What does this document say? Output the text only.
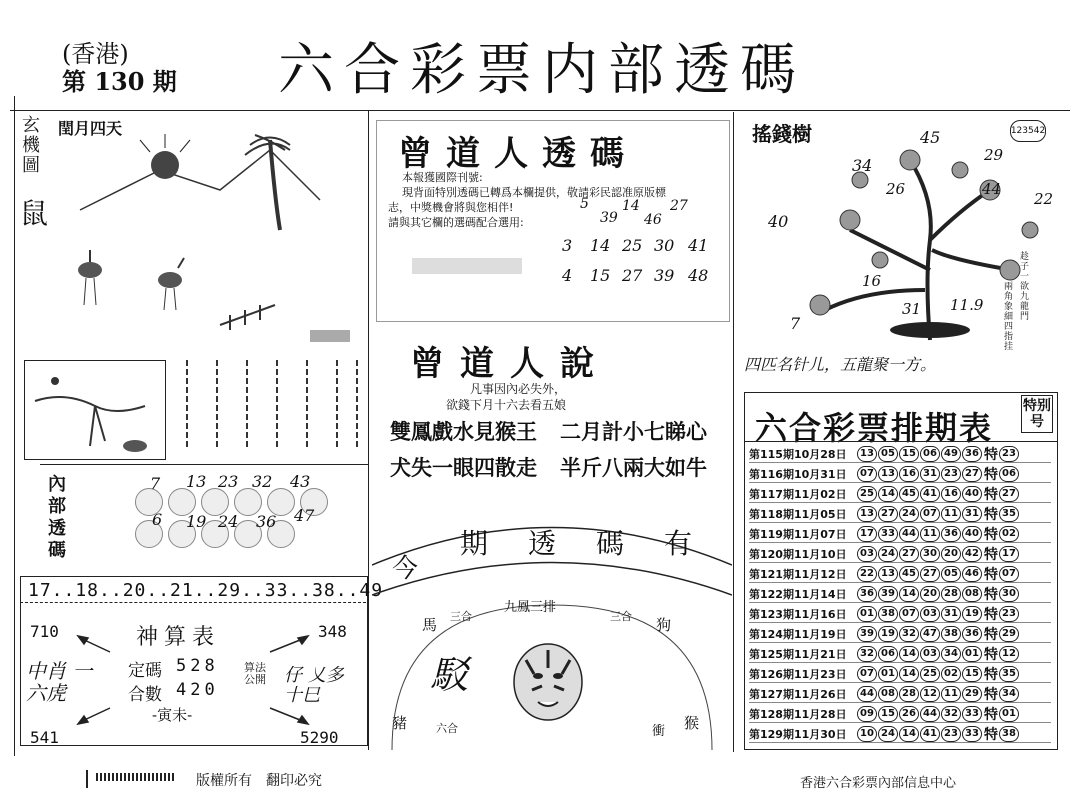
(香港)
第 130 期 六合彩票内部透碼
玄機圖
鼠
閏月四天
內部透碼
7 13 23 32 43
6 19 24 36 47
17..18..20..21..29..33..38..49
神算表
710	348
541	5290
定碼 528
合數 420
算法公開
-寅未-
中肖 一六虎
仔 乂多 十巳
曾道人透碼
本報獲國際刊號:
現背面特別透碼已轉爲本欄提供，敬請彩民認准原版標
志，中獎機會將與您相伴!
請與其它欄的選碼配合選用:
5
39
14
46
27
3 14 25 30 41
4 15 27 39 48
曾道人說
凡事因內必失外，
欲錢下月十六去看五娘
雙鳳戲水見猴王 二月計小七睇心
犬失一眼四散走 半斤八兩大如牛
今
期透碼有
九鳳三排
馬 三合	三合 狗
駁
豬	六合	衝 猴
搖錢樹	123542
34
45
29
26	44
22
40
16
31 11.9
7
趁子一欲九龍門
兩角象細四指挂
四匹名针儿，五龍聚一方。
六合彩票排期表
特别号
第115期10月28日	13 05 15 06 49 36 特 23
第116期10月31日	07 13 16 31 23 27 特 06
第117期11月02日	25 14 45 41 16 40 特 27
第118期11月05日	13 27 24 07 11 31 特 35
第119期11月07日	17 33 44 11 36 40 特 02
第120期11月10日	03 24 27 30 20 42 特 17
第121期11月12日	22 13 45 27 05 46 特 07
第122期11月14日	36 39 14 20 28 08 特 30
第123期11月16日	01 38 07 03 31 19 特 23
第124期11月19日	39 19 32 47 38 36 特 29
第125期11月21日	32 06 14 03 34 01 特 12
第126期11月23日	07 01 14 25 02 15 特 35
第127期11月26日	44 08 28 12 11 29 特 34
第128期11月28日	09 15 26 44 32 33 特 01
第129期11月30日	10 24 14 41 23 33 特 38
版權所有　翻印必究	香港六合彩票內部信息中心
